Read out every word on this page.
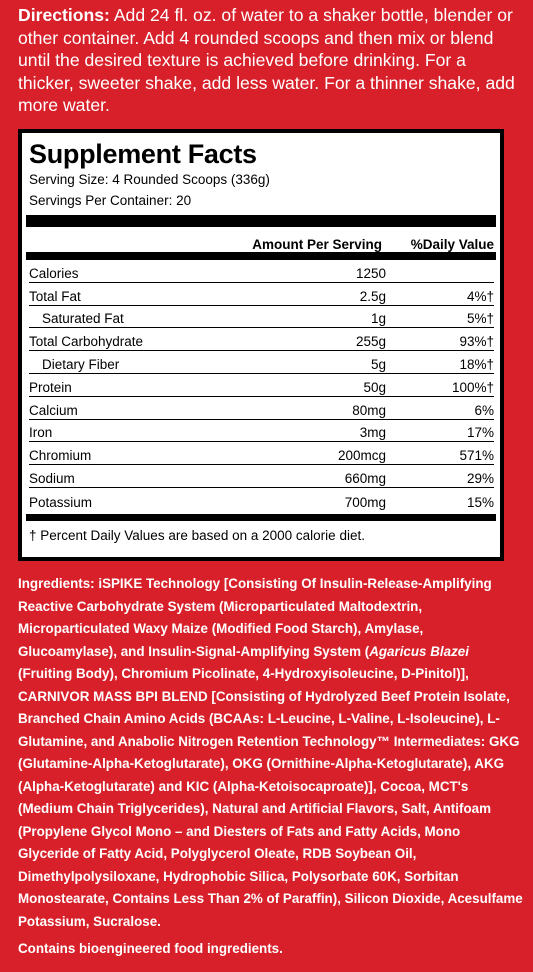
Directions: Add 24 fl. oz. of water to a shaker bottle, blender or other container. Add 4 rounded scoops and then mix or blend until the desired texture is achieved before drinking. For a thicker, sweeter shake, add less water. For a thinner shake, add more water.
Supplement Facts
Serving Size: 4 Rounded Scoops (336g)
Servings Per Container: 20
Amount Per Serving	%Daily Value
Calories	1250
Total Fat	2.5g	4%†
Saturated Fat	1g	5%†
Total Carbohydrate	255g	93%†
Dietary Fiber	5g	18%†
Protein	50g	100%†
Calcium	80mg	6%
Iron	3mg	17%
Chromium	200mcg	571%
Sodium	660mg	29%
Potassium	700mg	15%
† Percent Daily Values are based on a 2000 calorie diet.
Ingredients: iSPIKE Technology [Consisting Of Insulin-Release-Amplifying Reactive Carbohydrate System (Microparticulated Maltodextrin, Microparticulated Waxy Maize (Modified Food Starch), Amylase, Glucoamylase), and Insulin-Signal-Amplifying System (Agaricus Blazei (Fruiting Body), Chromium Picolinate, 4-Hydroxyisoleucine, D-Pinitol)], CARNIVOR MASS BPI BLEND [Consisting of Hydrolyzed Beef Protein Isolate, Branched Chain Amino Acids (BCAAs: L-Leucine, L-Valine, L-Isoleucine), L-Glutamine, and Anabolic Nitrogen Retention Technology™ Intermediates: GKG (Glutamine-Alpha-Ketoglutarate), OKG (Ornithine-Alpha-Ketoglutarate), AKG (Alpha-Ketoglutarate) and KIC (Alpha-Ketoisocaproate)], Cocoa, MCT's (Medium Chain Triglycerides), Natural and Artificial Flavors, Salt, Antifoam (Propylene Glycol Mono – and Diesters of Fats and Fatty Acids, Mono Glyceride of Fatty Acid, Polyglycerol Oleate, RDB Soybean Oil, Dimethylpolysiloxane, Hydrophobic Silica, Polysorbate 60K, Sorbitan Monostearate, Contains Less Than 2% of Paraffin), Silicon Dioxide, Acesulfame Potassium, Sucralose.
Contains bioengineered food ingredients.
